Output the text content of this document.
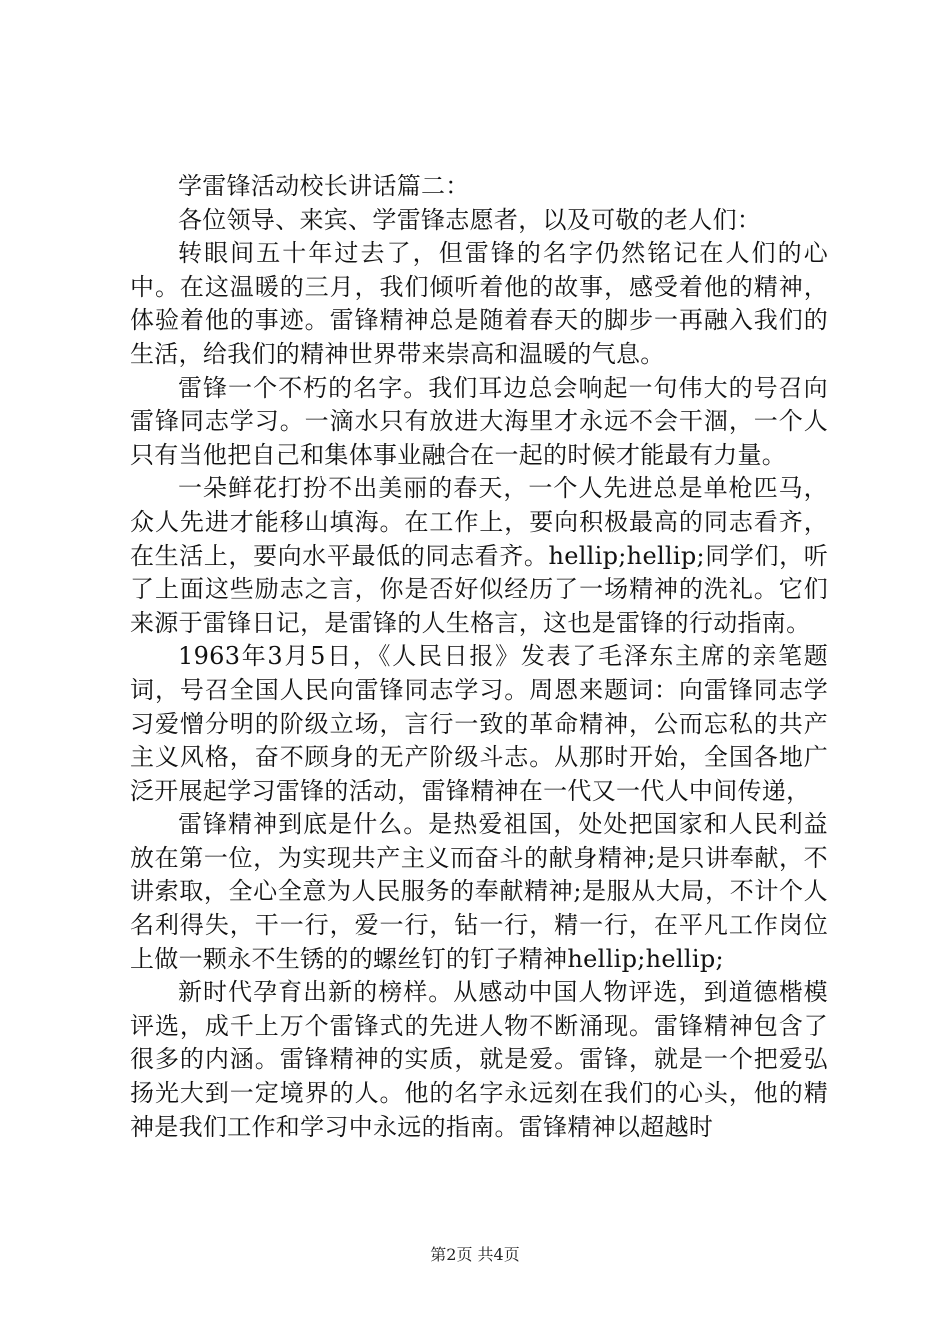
学雷锋活动校长讲话篇二：

各位领导、来宾、学雷锋志愿者，以及可敬的老人们：

转眼间五十年过去了，但雷锋的名字仍然铭记在人们的心中。在这温暖的三月，我们倾听着他的故事，感受着他的精神，体验着他的事迹。雷锋精神总是随着春天的脚步一再融入我们的生活，给我们的精神世界带来崇高和温暖的气息。

雷锋一个不朽的名字。我们耳边总会响起一句伟大的号召向雷锋同志学习。一滴水只有放进大海里才永远不会干涸，一个人只有当他把自己和集体事业融合在一起的时候才能最有力量。

一朵鲜花打扮不出美丽的春天，一个人先进总是单枪匹马，众人先进才能移山填海。在工作上，要向积极最高的同志看齐，在生活上，要向水平最低的同志看齐。hellip;hellip;同学们，听了上面这些励志之言，你是否好似经历了一场精神的洗礼。它们来源于雷锋日记，是雷锋的人生格言，这也是雷锋的行动指南。

1963年3月5日，《人民日报》发表了毛泽东主席的亲笔题词，号召全国人民向雷锋同志学习。周恩来题词：向雷锋同志学习爱憎分明的阶级立场，言行一致的革命精神，公而忘私的共产主义风格，奋不顾身的无产阶级斗志。从那时开始，全国各地广泛开展起学习雷锋的活动，雷锋精神在一代又一代人中间传递，

雷锋精神到底是什么。是热爱祖国，处处把国家和人民利益放在第一位，为实现共产主义而奋斗的献身精神;是只讲奉献，不讲索取，全心全意为人民服务的奉献精神;是服从大局，不计个人名利得失，干一行，爱一行，钻一行，精一行，在平凡工作岗位上做一颗永不生锈的的螺丝钉的钉子精神hellip;hellip;

新时代孕育出新的榜样。从感动中国人物评选，到道德楷模评选，成千上万个雷锋式的先进人物不断涌现。雷锋精神包含了很多的内涵。雷锋精神的实质，就是爱。雷锋，就是一个把爱弘扬光大到一定境界的人。他的名字永远刻在我们的心头，他的精神是我们工作和学习中永远的指南。雷锋精神以超越时

第2页 共4页
